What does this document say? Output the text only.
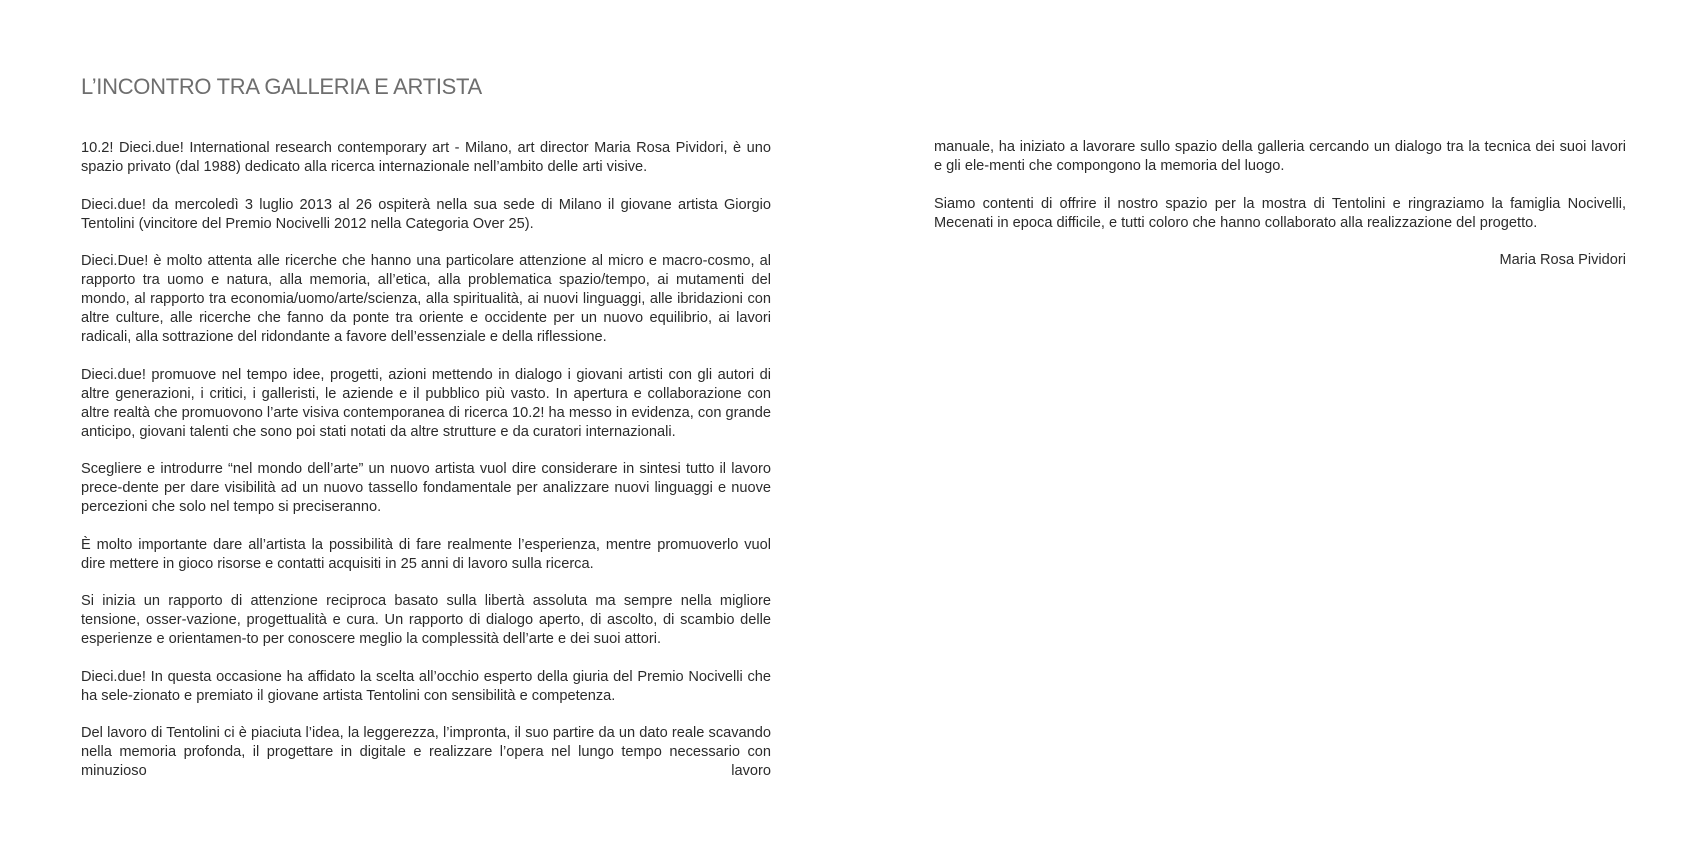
L’INCONTRO TRA GALLERIA E ARTISTA

10.2! Dieci.due! International research contemporary art - Milano, art director Maria Rosa Pividori, è uno spazio privato (dal 1988) dedicato alla ricerca internazionale nell’ambito delle arti visive.

Dieci.due! da mercoledì 3 luglio 2013 al 26 ospiterà nella sua sede di Milano il giovane artista Giorgio Tentolini (vincitore del Premio Nocivelli 2012 nella Categoria Over 25).

Dieci.Due! è molto attenta alle ricerche che hanno una particolare attenzione al micro e macro-cosmo, al rapporto tra uomo e natura, alla memoria, all’etica, alla problematica spazio/tempo, ai mutamenti del mondo, al rapporto tra economia/uomo/arte/scienza, alla spiritualità, ai nuovi linguaggi, alle ibridazioni con altre culture, alle ricerche che fanno da ponte tra oriente e occidente per un nuovo equilibrio, ai lavori radicali, alla sottrazione del ridondante a favore dell’essenziale e della riflessione.

Dieci.due! promuove nel tempo idee, progetti, azioni mettendo in dialogo i giovani artisti con gli autori di altre generazioni, i critici, i galleristi, le aziende e il pubblico più vasto. In apertura e collaborazione con altre realtà che promuovono l’arte visiva contemporanea di ricerca 10.2! ha messo in evidenza, con grande anticipo, giovani talenti che sono poi stati notati da altre strutture e da curatori internazionali.

Scegliere e introdurre “nel mondo dell’arte” un nuovo artista vuol dire considerare in sintesi tutto il lavoro prece-dente per dare visibilità ad un nuovo tassello fondamentale per analizzare nuovi linguaggi e nuove percezioni che solo nel tempo si preciseranno.

È molto importante dare all’artista la possibilità di fare realmente l’esperienza, mentre promuoverlo vuol dire mettere in gioco risorse e contatti acquisiti in 25 anni di lavoro sulla ricerca.

Si inizia un rapporto di attenzione reciproca basato sulla libertà assoluta ma sempre nella migliore tensione, osser-vazione, progettualità e cura. Un rapporto di dialogo aperto, di ascolto, di scambio delle esperienze e orientamen-to per conoscere meglio la complessità dell’arte e dei suoi attori.

Dieci.due! In questa occasione ha affidato la scelta all’occhio esperto della giuria del Premio Nocivelli che ha sele-zionato e premiato il giovane artista Tentolini con sensibilità e competenza.

Del lavoro di Tentolini ci è piaciuta l’idea, la leggerezza, l’impronta, il suo partire da un dato reale scavando nella memoria profonda, il progettare in digitale e realizzare l’opera nel lungo tempo necessario con minuzioso lavoro

manuale, ha iniziato a lavorare sullo spazio della galleria cercando un dialogo tra la tecnica dei suoi lavori e gli ele-menti che compongono la memoria del luogo.

Siamo contenti di offrire il nostro spazio per la mostra di Tentolini e ringraziamo la famiglia Nocivelli, Mecenati in epoca difficile, e tutti coloro che hanno collaborato alla realizzazione del progetto.

Maria Rosa Pividori
